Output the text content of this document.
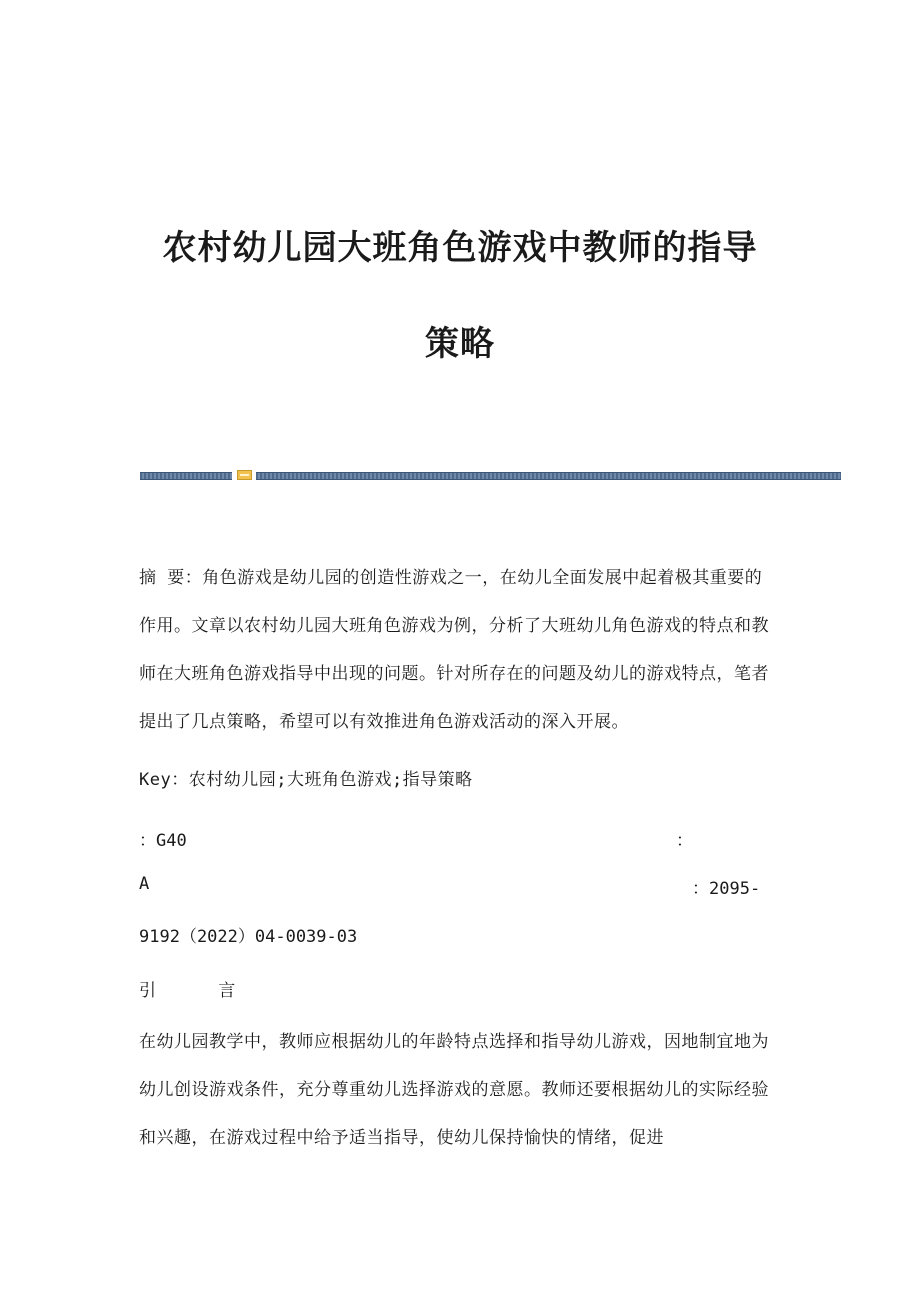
农村幼儿园大班角色游戏中教师的指导
策略
摘 要：角色游戏是幼儿园的创造性游戏之一，在幼儿全面发展中起着极其重要的作用。文章以农村幼儿园大班角色游戏为例，分析了大班幼儿角色游戏的特点和教师在大班角色游戏指导中出现的问题。针对所存在的问题及幼儿的游戏特点，笔者提出了几点策略，希望可以有效推进角色游戏活动的深入开展。
Key：农村幼儿园;大班角色游戏;指导策略
：G40	：
A	：2095-
9192（2022）04-0039-03
引 言
在幼儿园教学中，教师应根据幼儿的年龄特点选择和指导幼儿游戏，因地制宜地为幼儿创设游戏条件，充分尊重幼儿选择游戏的意愿。教师还要根据幼儿的实际经验和兴趣，在游戏过程中给予适当指导，使幼儿保持愉快的情绪，促进
